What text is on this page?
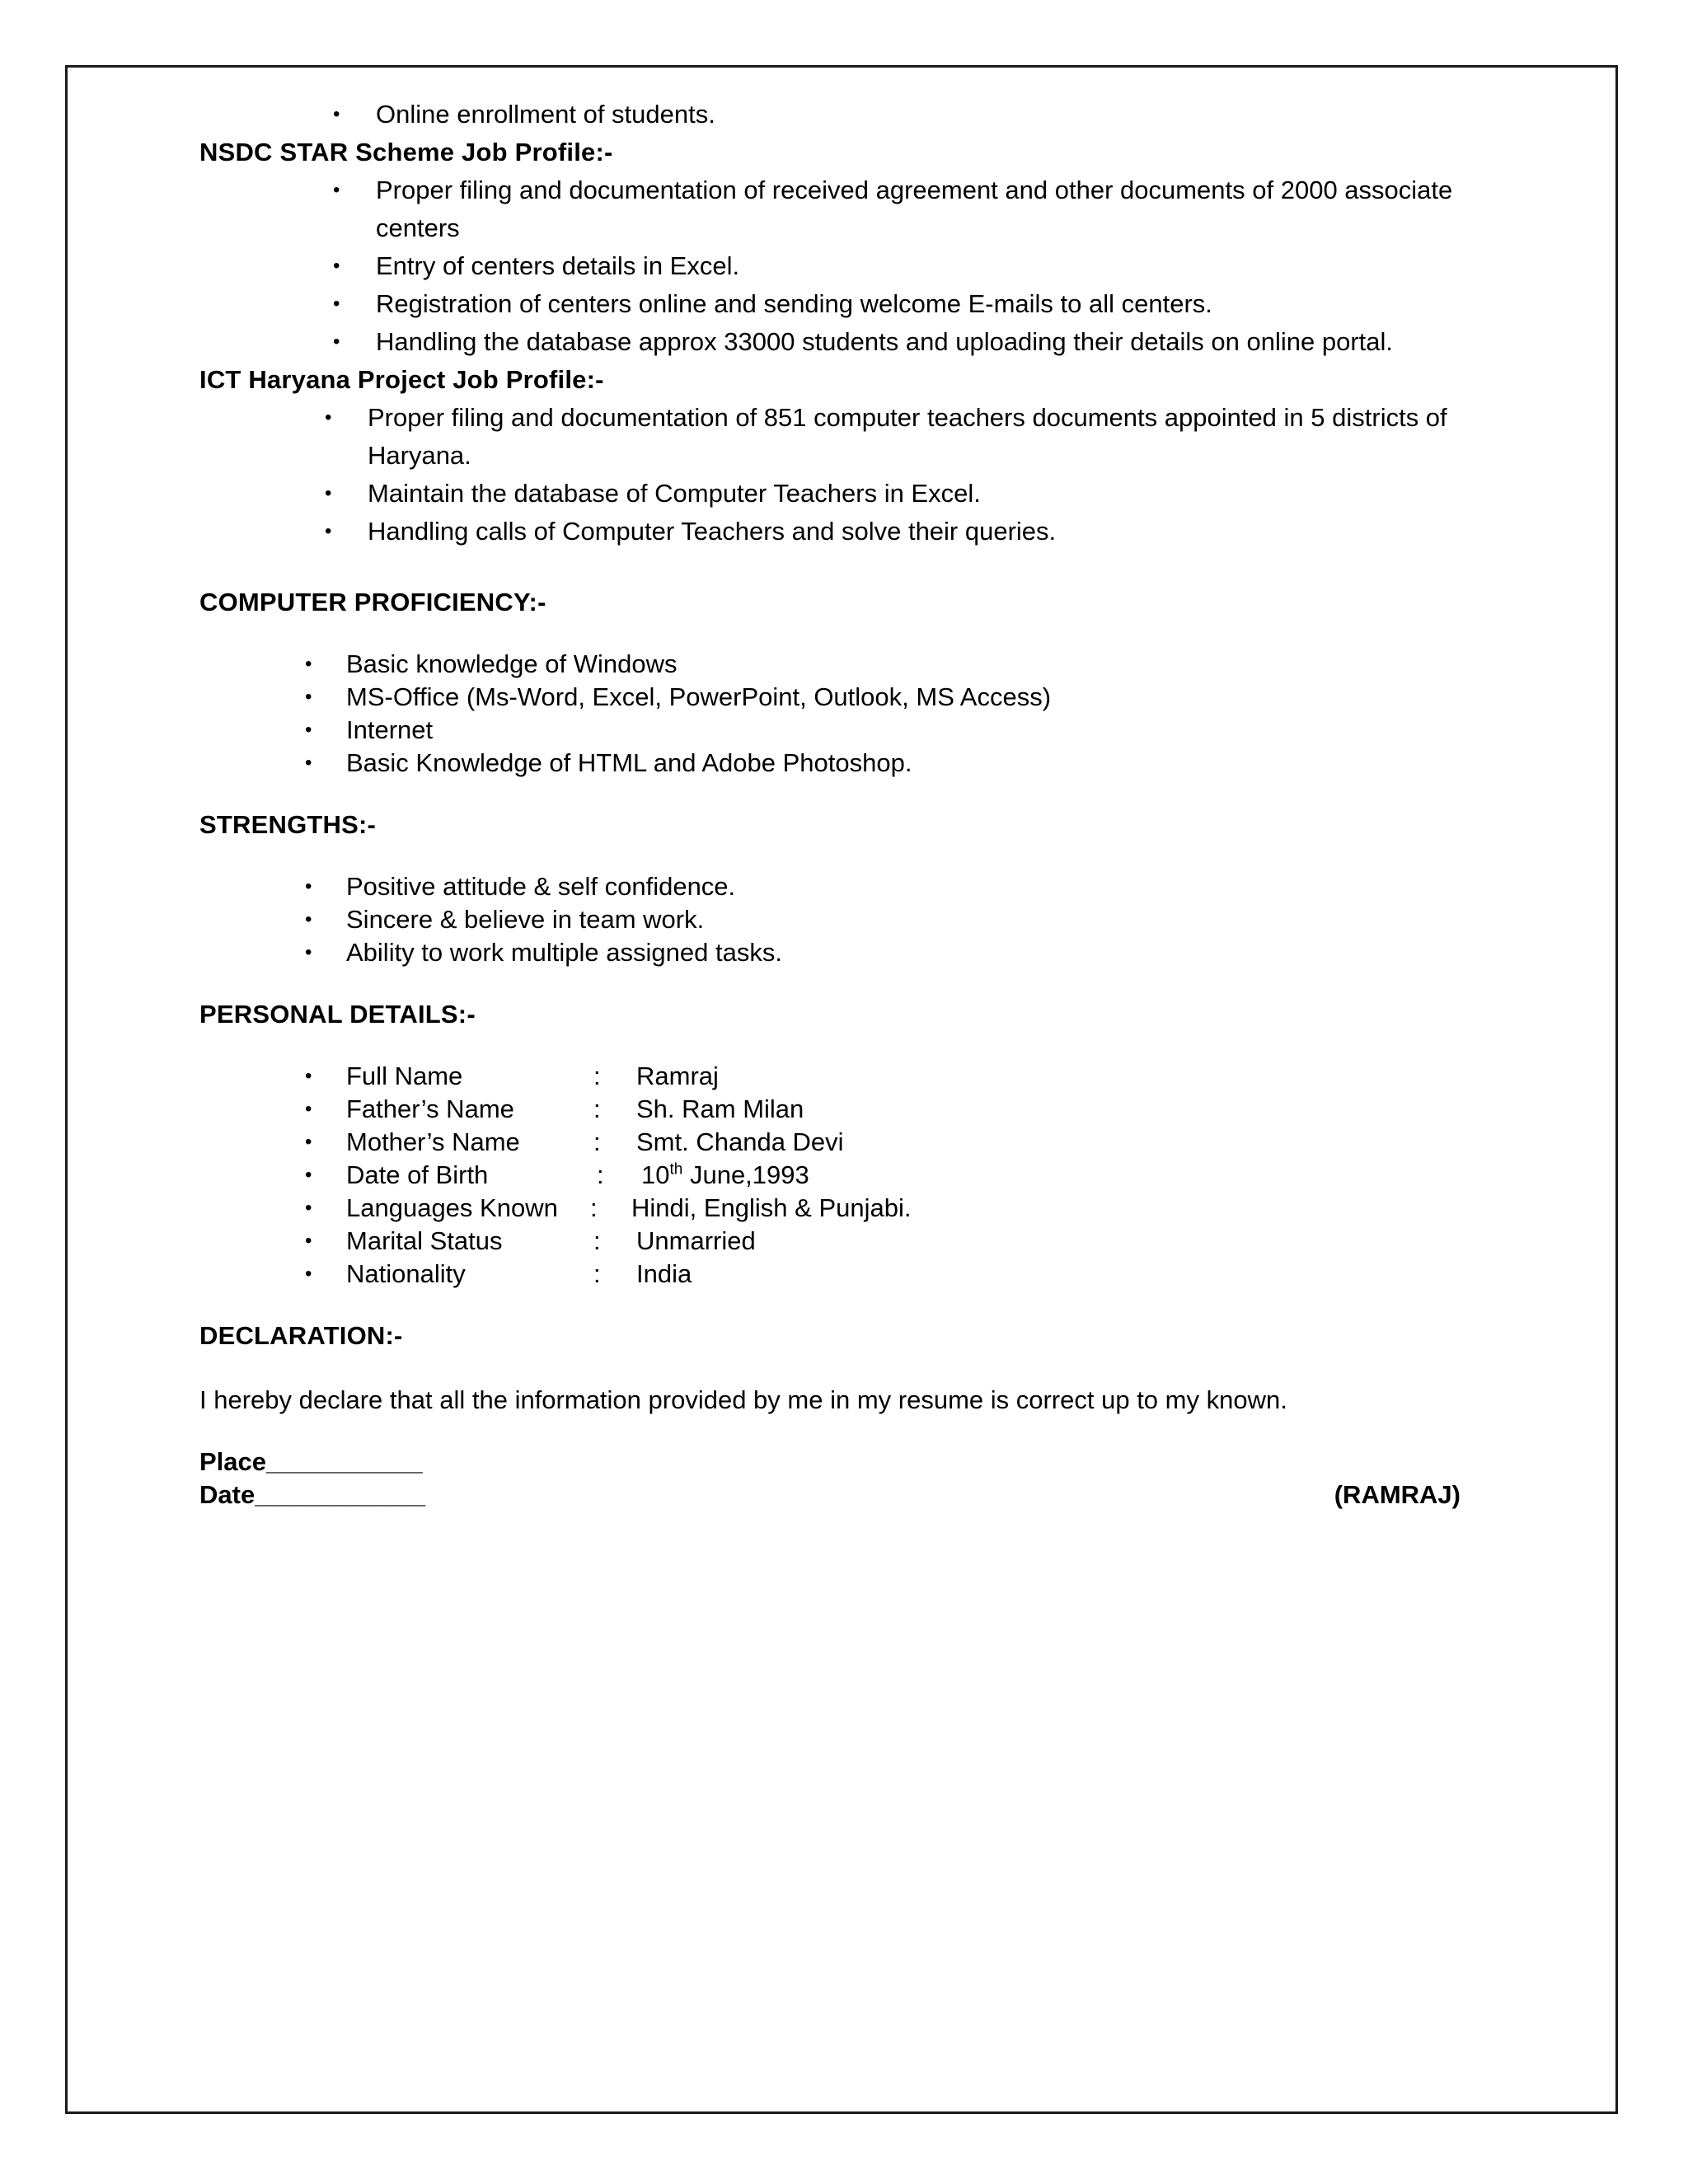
• Online enrollment of students.
NSDC STAR Scheme Job Profile:-
• Proper filing and documentation of received agreement and other documents of 2000 associate centers
• Entry of centers details in Excel.
• Registration of centers online and sending welcome E-mails to all centers.
• Handling the database approx 33000 students and uploading their details on online portal.
ICT Haryana Project Job Profile:-
• Proper filing and documentation of 851 computer teachers documents appointed in 5 districts of Haryana.
• Maintain the database of Computer Teachers in Excel.
• Handling calls of Computer Teachers and solve their queries.
COMPUTER PROFICIENCY:-
• Basic knowledge of Windows
• MS-Office (Ms-Word, Excel, PowerPoint, Outlook, MS Access)
• Internet
• Basic Knowledge of HTML and Adobe Photoshop.
STRENGTHS:-
• Positive attitude & self confidence.
• Sincere & believe in team work.
• Ability to work multiple assigned tasks.
PERSONAL DETAILS:-
• Full Name	:	Ramraj
• Father’s Name	:	Sh. Ram Milan
• Mother’s Name	:	Smt. Chanda Devi
• Date of Birth	:	10th June,1993
• Languages Known	:	Hindi, English & Punjabi.
• Marital Status	:	Unmarried
• Nationality	:	India
DECLARATION:-
I hereby declare that all the information provided by me in my resume is correct up to my known.
Place___________
Date____________	(RAMRAJ)
